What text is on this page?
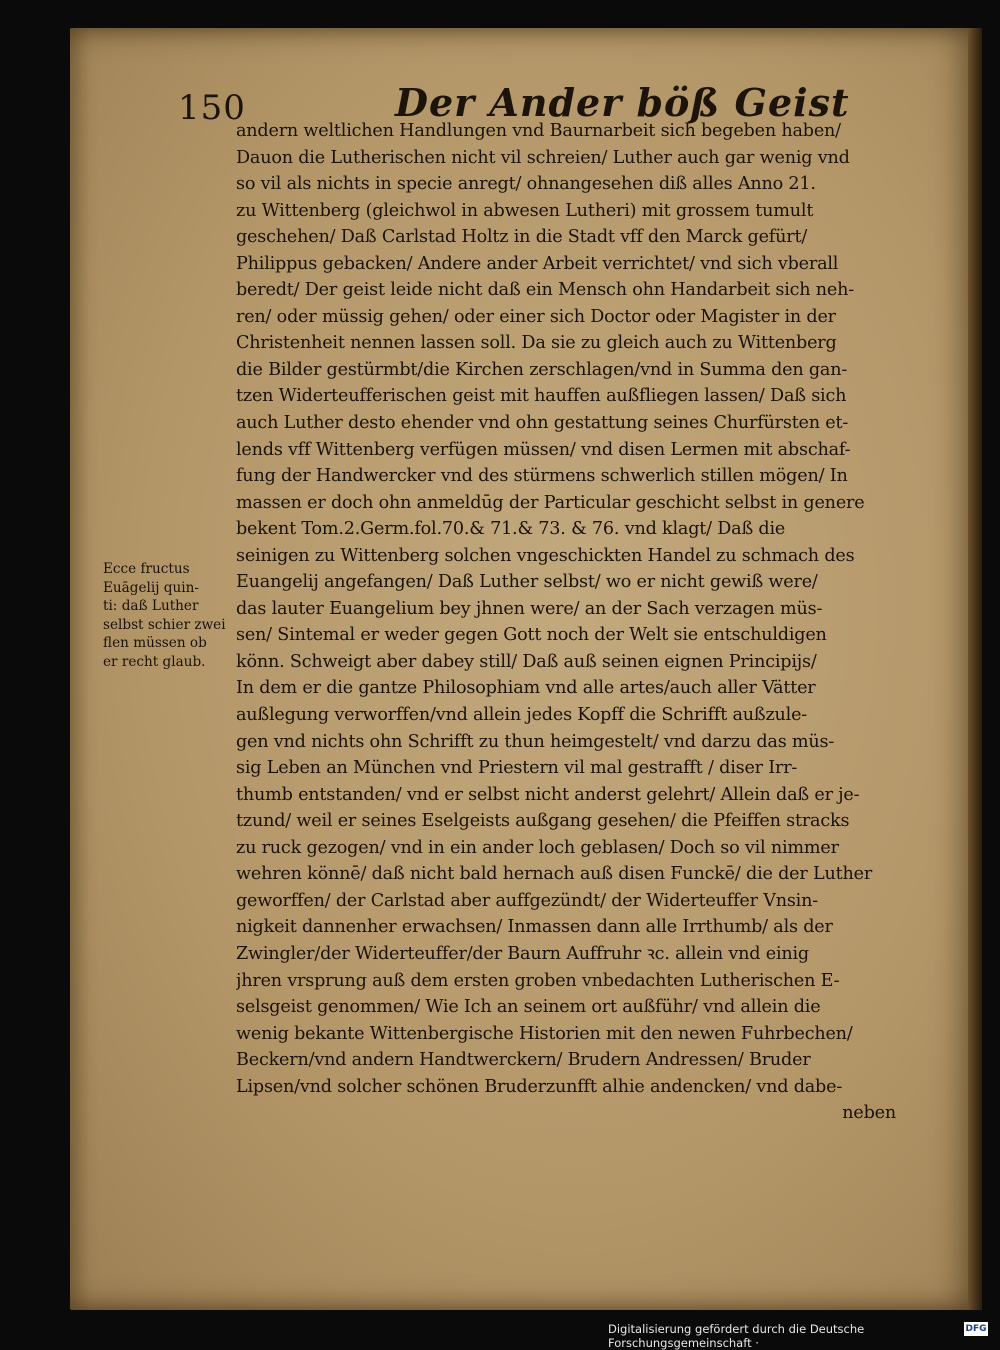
150	Der Ander böß Geist
andern weltlichen Handlungen vnd Baurnarbeit sich begeben haben/
Dauon die Lutherischen nicht vil schreien/ Luther auch gar wenig vnd
so vil als nichts in specie anregt/ ohnangesehen diß alles Anno 21.
zu Wittenberg (gleichwol in abwesen Lutheri) mit grossem tumult
geschehen/ Daß Carlstad Holtz in die Stadt vff den Marck gefürt/
Philippus gebacken/ Andere ander Arbeit verrichtet/ vnd sich vberall
beredt/ Der geist leide nicht daß ein Mensch ohn Handarbeit sich neh-
ren/ oder müssig gehen/ oder einer sich Doctor oder Magister in der
Christenheit nennen lassen soll. Da sie zu gleich auch zu Wittenberg
die Bilder gestürmbt/die Kirchen zerschlagen/vnd in Summa den gan-
tzen Widerteufferischen geist mit hauffen außfliegen lassen/ Daß sich
auch Luther desto ehender vnd ohn gestattung seines Churfürsten et-
lends vff Wittenberg verfügen müssen/ vnd disen Lermen mit abschaf-
fung der Handwercker vnd des stürmens schwerlich stillen mögen/ In
massen er doch ohn anmeldūg der Particular geschicht selbst in genere
bekent Tom.2.Germ.fol.70.& 71.& 73. & 76. vnd klagt/ Daß die
seinigen zu Wittenberg solchen vngeschickten Handel zu schmach des
Euangelij angefangen/ Daß Luther selbst/ wo er nicht gewiß were/
das lauter Euangelium bey jhnen were/ an der Sach verzagen müs-
sen/ Sintemal er weder gegen Gott noch der Welt sie entschuldigen
könn. Schweigt aber dabey still/ Daß auß seinen eignen Principijs/
In dem er die gantze Philosophiam vnd alle artes/auch aller Vätter
außlegung verworffen/vnd allein jedes Kopff die Schrifft außzule-
gen vnd nichts ohn Schrifft zu thun heimgestelt/ vnd darzu das müs-
sig Leben an München vnd Priestern vil mal gestrafft / diser Irr-
thumb entstanden/ vnd er selbst nicht anderst gelehrt/ Allein daß er je-
tzund/ weil er seines Eselgeists außgang gesehen/ die Pfeiffen stracks
zu ruck gezogen/ vnd in ein ander loch geblasen/ Doch so vil nimmer
wehren könnē/ daß nicht bald hernach auß disen Funckē/ die der Luther
geworffen/ der Carlstad aber auffgezündt/ der Widerteuffer Vnsin-
nigkeit dannenher erwachsen/ Inmassen dann alle Irrthumb/ als der
Zwingler/der Widerteuffer/der Baurn Auffruhr ꝛc. allein vnd einig
jhren vrsprung auß dem ersten groben vnbedachten Lutherischen E-
selsgeist genommen/ Wie Ich an seinem ort außführ/ vnd allein die
wenig bekante Wittenbergische Historien mit den newen Fuhrbechen/
Beckern/vnd andern Handtwerckern/ Brudern Andressen/ Bruder
Lipsen/vnd solcher schönen Bruderzunfft alhie andencken/ vnd dabe-
neben
Ecce fructus
Euāgelij quin-
ti: daß Luther
selbst schier zwei
flen müssen ob
er recht glaub.
Digitalisierung gefördert durch die Deutsche Forschungsgemeinschaft ·
DFG
